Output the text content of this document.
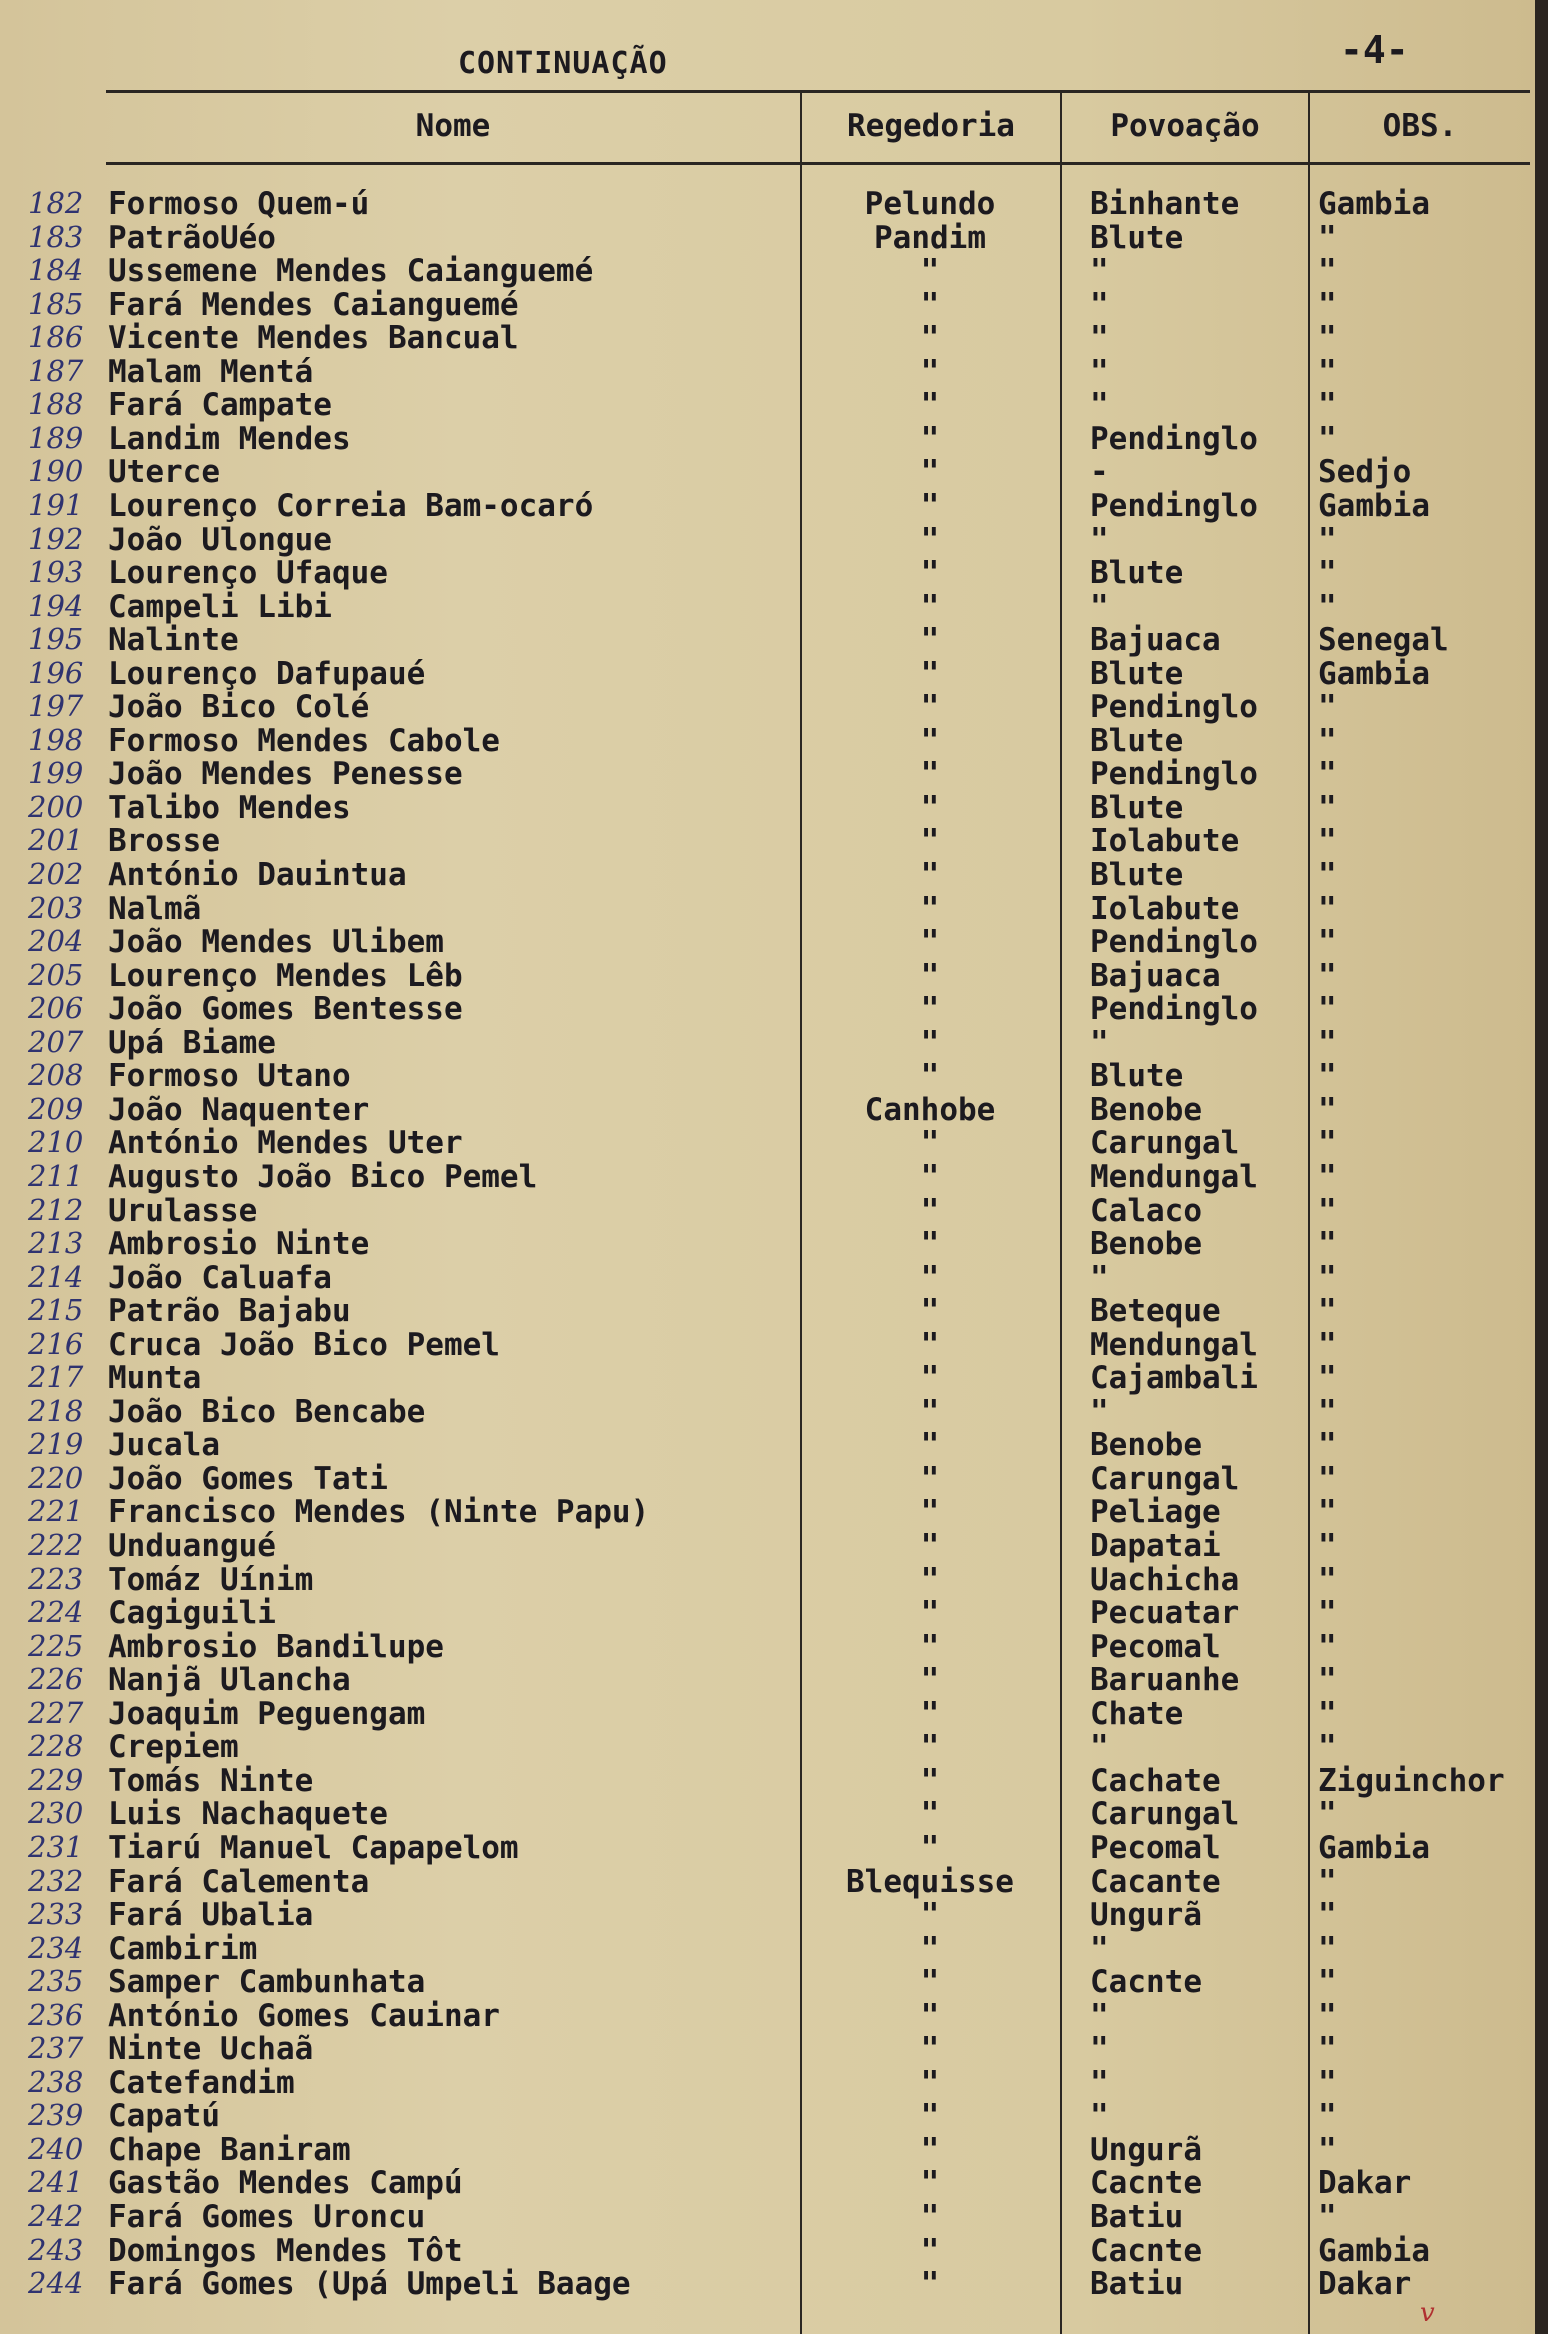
CONTINUAÇÃO	-4-
Nome	Regedoria	Povoação	OBS.
182 Formoso Quem-ú	Pelundo	Binhante	Gambia
183 PatrãoUéo	Pandim	Blute	"
184 Ussemene Mendes Caianguemé	"	"	"
185 Fará Mendes Caianguemé	"	"	"
186 Vicente Mendes Bancual	"	"	"
187 Malam Mentá	"	"	"
188 Fará Campate	"	"	"
189 Landim Mendes	"	Pendinglo "
190 Uterce	"	-	Sedjo
191 Lourenço Correia Bam-ocaró	"	Pendinglo Gambia
192 João Ulongue	"	"	"
193 Lourenço Ufaque	"	Blute	"
194 Campeli Libi	"	"	"
195 Nalinte	"	Bajuaca	Senegal
196 Lourenço Dafupaué	"	Blute	Gambia
197 João Bico Colé	"	Pendinglo "
198 Formoso Mendes Cabole	"	Blute	"
199 João Mendes Penesse	"	Pendinglo "
200 Talibo Mendes	"	Blute	"
201 Brosse	"	Iolabute	"
202 António Dauintua	"	Blute	"
203 Nalmã	"	Iolabute	"
204 João Mendes Ulibem	"	Pendinglo "
205 Lourenço Mendes Lêb	"	Bajuaca	"
206 João Gomes Bentesse	"	Pendinglo "
207 Upá Biame	"	"	"
208 Formoso Utano	"	Blute	"
209 João Naquenter	Canhobe	Benobe	"
210 António Mendes Uter	"	Carungal	"
211 Augusto João Bico Pemel	"	Mendungal "
212 Urulasse	"	Calaco	"
213 Ambrosio Ninte	"	Benobe	"
214 João Caluafa	"	"	"
215 Patrão Bajabu	"	Beteque	"
216 Cruca João Bico Pemel	"	Mendungal "
217 Munta	"	Cajambali "
218 João Bico Bencabe	"	"	"
219 Jucala	"	Benobe	"
220 João Gomes Tati	"	Carungal	"
221 Francisco Mendes (Ninte Papu)	"	Peliage	"
222 Unduangué	"	Dapatai	"
223 Tomáz Uínim	"	Uachicha	"
224 Cagiguili	"	Pecuatar	"
225 Ambrosio Bandilupe	"	Pecomal	"
226 Nanjã Ulancha	"	Baruanhe	"
227 Joaquim Peguengam	"	Chate	"
228 Crepiem	"	"	"
229 Tomás Ninte	"	Cachate	Ziguinchor
230 Luis Nachaquete	"	Carungal	"
231 Tiarú Manuel Capapelom	"	Pecomal	Gambia
232 Fará Calementa	Blequisse	Cacante	"
233 Fará Ubalia	"	Ungurã	"
234 Cambirim	"	"	"
235 Samper Cambunhata	"	Cacnte	"
236 António Gomes Cauinar	"	"	"
237 Ninte Uchaã	"	"	"
238 Catefandim	"	"	"
239 Capatú	"	"	"
240 Chape Baniram	"	Ungurã	"
241 Gastão Mendes Campú	"	Cacnte	Dakar
242 Fará Gomes Uroncu	"	Batiu	"
243 Domingos Mendes Tôt	"	Cacnte	Gambia
244 Fará Gomes (Upá Umpeli Baage	"	Batiu	Dakar
v
